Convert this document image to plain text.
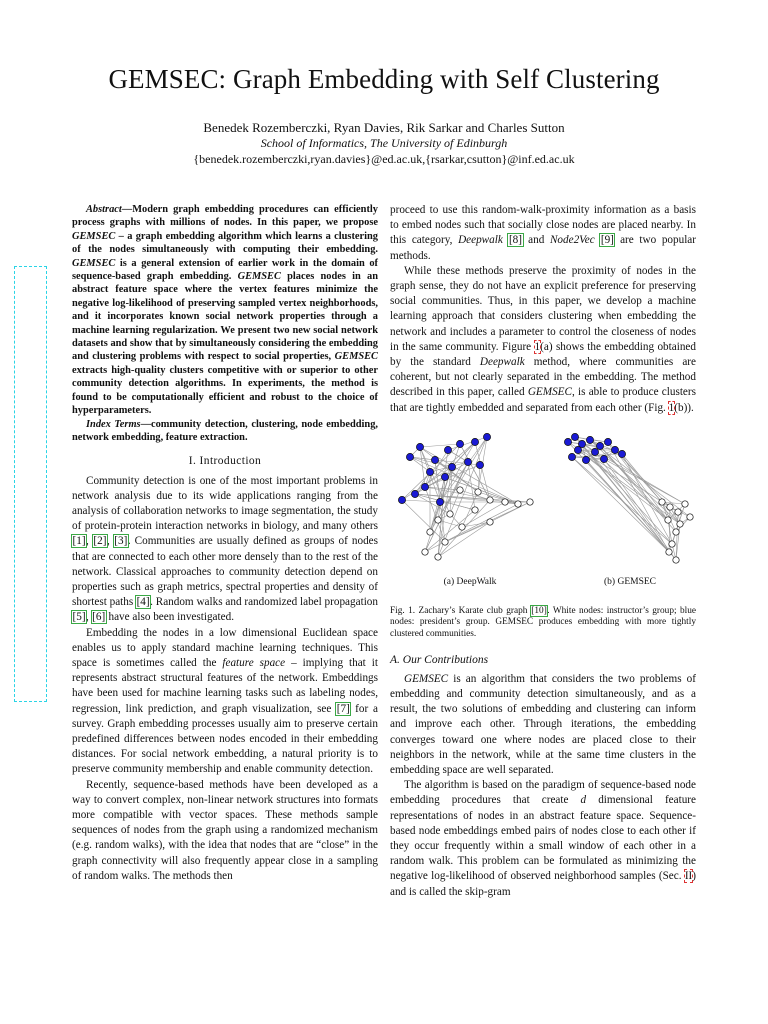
GEMSEC: Graph Embedding with Self Clustering
Benedek Rozemberczki, Ryan Davies, Rik Sarkar and Charles Sutton
School of Informatics, The University of Edinburgh
{benedek.rozemberczki,ryan.davies}@ed.ac.uk,{rsarkar,csutton}@inf.ed.ac.uk

Abstract—Modern graph embedding procedures can efficiently process graphs with millions of nodes. In this paper, we propose GEMSEC – a graph embedding algorithm which learns a clustering of the nodes simultaneously with computing their embedding. GEMSEC is a general extension of earlier work in the domain of sequence-based graph embedding. GEMSEC places nodes in an abstract feature space where the vertex features minimize the negative log-likelihood of preserving sampled vertex neighborhoods, and it incorporates known social network properties through a machine learning regularization. We present two new social network datasets and show that by simultaneously considering the embedding and clustering problems with respect to social properties, GEMSEC extracts high-quality clusters competitive with or superior to other community detection algorithms. In experiments, the method is found to be computationally efficient and robust to the choice of hyperparameters.

Index Terms—community detection, clustering, node embedding, network embedding, feature extraction.

I. Introduction

Community detection is one of the most important problems in network analysis due to its wide applications ranging from the analysis of collaboration networks to image segmentation, the study of protein-protein interaction networks in biology, and many others [1], [2], [3]. Communities are usually defined as groups of nodes that are connected to each other more densely than to the rest of the network. Classical approaches to community detection depend on properties such as graph metrics, spectral properties and density of shortest paths [4]. Random walks and randomized label propagation [5], [6] have also been investigated.

Embedding the nodes in a low dimensional Euclidean space enables us to apply standard machine learning techniques. This space is sometimes called the feature space – implying that it represents abstract structural features of the network. Embeddings have been used for machine learning tasks such as labeling nodes, regression, link prediction, and graph visualization, see [7] for a survey. Graph embedding processes usually aim to preserve certain predefined differences between nodes encoded in their embedding distances. For social network embedding, a natural priority is to preserve community membership and enable community detection.

Recently, sequence-based methods have been developed as a way to convert complex, non-linear network structures into formats more compatible with vector spaces. These methods sample sequences of nodes from the graph using a randomized mechanism (e.g. random walks), with the idea that nodes that are “close” in the graph connectivity will also frequently appear close in a sampling of random walks. The methods then

proceed to use this random-walk-proximity information as a basis to embed nodes such that socially close nodes are placed nearby. In this category, Deepwalk [8] and Node2Vec [9] are two popular methods.

While these methods preserve the proximity of nodes in the graph sense, they do not have an explicit preference for preserving social communities. Thus, in this paper, we develop a machine learning approach that considers clustering when embedding the network and includes a parameter to control the closeness of nodes in the same community. Figure 1(a) shows the embedding obtained by the standard Deepwalk method, where communities are coherent, but not clearly separated in the embedding. The method described in this paper, called GEMSEC, is able to produce clusters that are tightly embedded and separated from each other (Fig. 1(b)).

(a) DeepWalk	(b) GEMSEC

Fig. 1. Zachary’s Karate club graph [10]. White nodes: instructor’s group; blue nodes: president’s group. GEMSEC produces embedding with more tightly clustered communities.

A. Our Contributions

GEMSEC is an algorithm that considers the two problems of embedding and community detection simultaneously, and as a result, the two solutions of embedding and clustering can inform and improve each other. Through iterations, the embedding converges toward one where nodes are placed close to their neighbors in the network, while at the same time clusters in the embedding space are well separated.

The algorithm is based on the paradigm of sequence-based node embedding procedures that create d dimensional feature representations of nodes in an abstract feature space. Sequence-based node embeddings embed pairs of nodes close to each other if they occur frequently within a small window of each other in a random walk. This problem can be formulated as minimizing the negative log-likelihood of observed neighborhood samples (Sec. II) and is called the skip-gram
